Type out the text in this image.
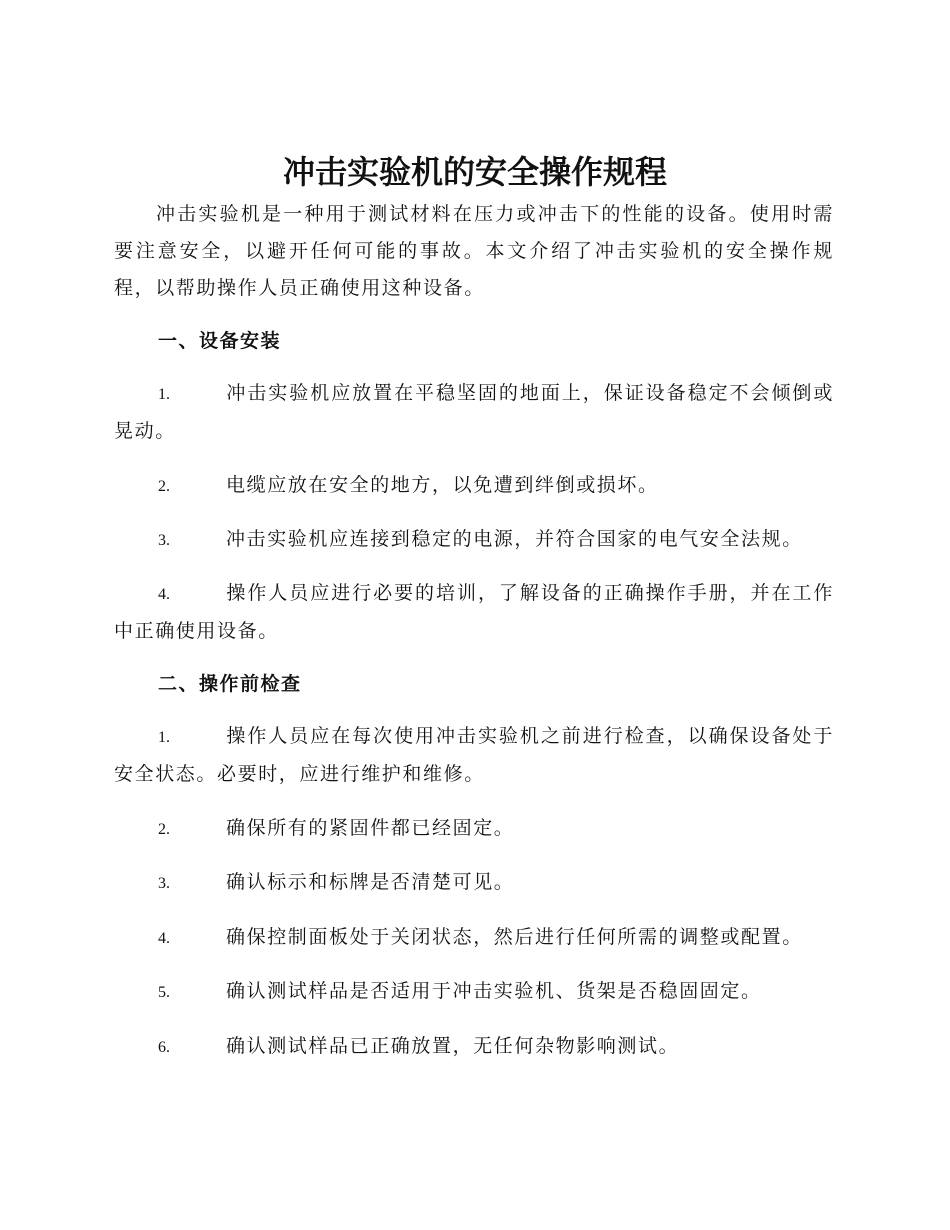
冲击实验机的安全操作规程

冲击实验机是一种用于测试材料在压力或冲击下的性能的设备。使用时需要注意安全，以避开任何可能的事故。本文介绍了冲击实验机的安全操作规程，以帮助操作人员正确使用这种设备。

一、设备安装

1.	冲击实验机应放置在平稳坚固的地面上，保证设备稳定不会倾倒或晃动。

2.	电缆应放在安全的地方，以免遭到绊倒或损坏。

3.	冲击实验机应连接到稳定的电源，并符合国家的电气安全法规。

4.	操作人员应进行必要的培训，了解设备的正确操作手册，并在工作中正确使用设备。

二、操作前检查

1.	操作人员应在每次使用冲击实验机之前进行检查，以确保设备处于安全状态。必要时，应进行维护和维修。

2.	确保所有的紧固件都已经固定。

3.	确认标示和标牌是否清楚可见。

4.	确保控制面板处于关闭状态，然后进行任何所需的调整或配置。

5.	确认测试样品是否适用于冲击实验机、货架是否稳固固定。

6.	确认测试样品已正确放置，无任何杂物影响测试。
